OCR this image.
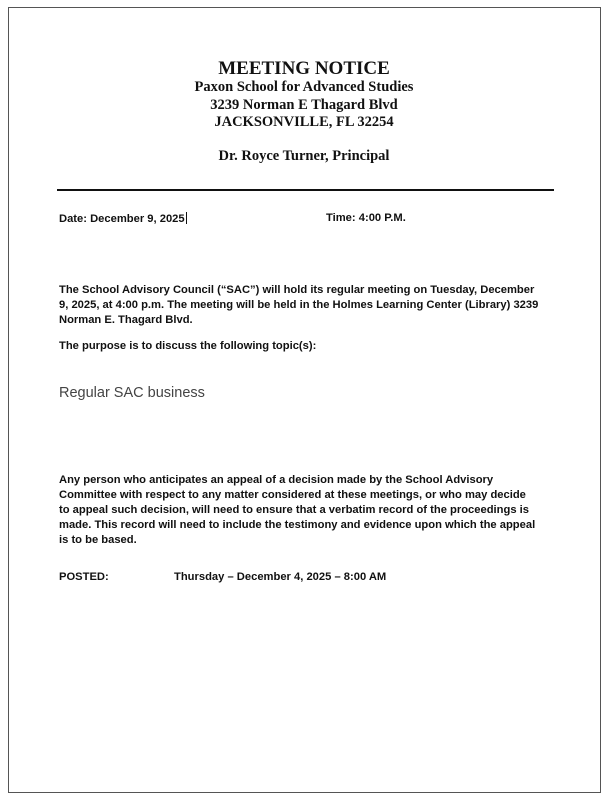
MEETING NOTICE
Paxon School for Advanced Studies
3239 Norman E Thagard Blvd
JACKSONVILLE, FL 32254
Dr. Royce Turner, Principal
Date: December 9, 2025	Time: 4:00 P.M.
The School Advisory Council (“SAC”) will hold its regular meeting on Tuesday, December 9, 2025, at 4:00 p.m. The meeting will be held in the Holmes Learning Center (Library) 3239 Norman E. Thagard Blvd.
The purpose is to discuss the following topic(s):
Regular SAC business
Any person who anticipates an appeal of a decision made by the School Advisory Committee with respect to any matter considered at these meetings, or who may decide to appeal such decision, will need to ensure that a verbatim record of the proceedings is made. This record will need to include the testimony and evidence upon which the appeal is to be based.
POSTED:	Thursday – December 4, 2025 – 8:00 AM
